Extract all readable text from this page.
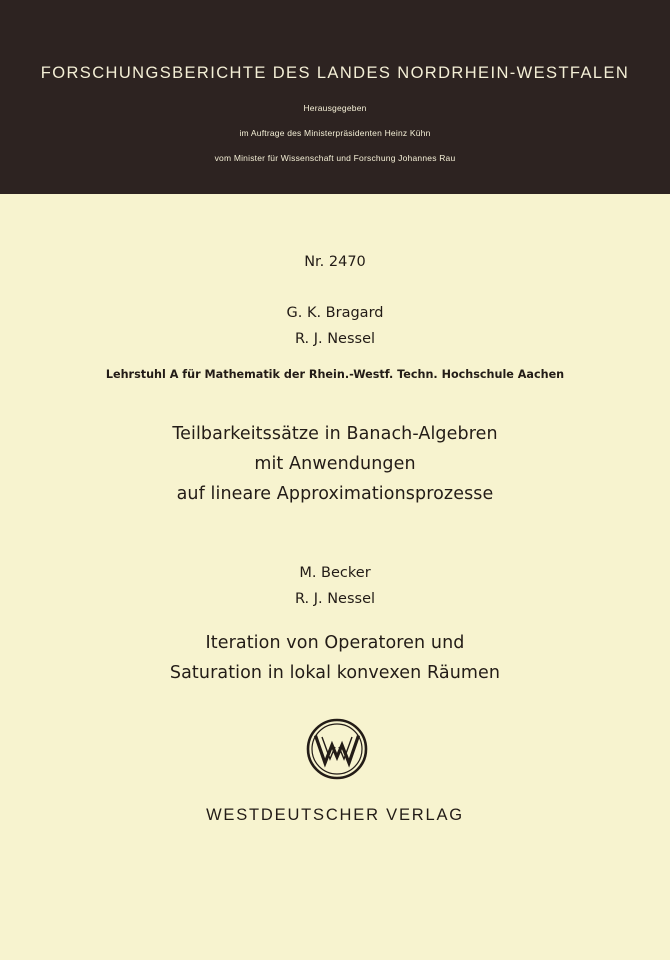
FORSCHUNGSBERICHTE DES LANDES NORDRHEIN-WESTFALEN
Herausgegeben
im Auftrage des Ministerpräsidenten Heinz Kühn
vom Minister für Wissenschaft und Forschung Johannes Rau
Nr. 2470
G. K. Bragard
R. J. Nessel
Lehrstuhl A für Mathematik der Rhein.-Westf. Techn. Hochschule Aachen
Teilbarkeitssätze in Banach-Algebren
mit Anwendungen
auf lineare Approximationsprozesse
M. Becker
R. J. Nessel
Iteration von Operatoren und
Saturation in lokal konvexen Räumen
WESTDEUTSCHER VERLAG
